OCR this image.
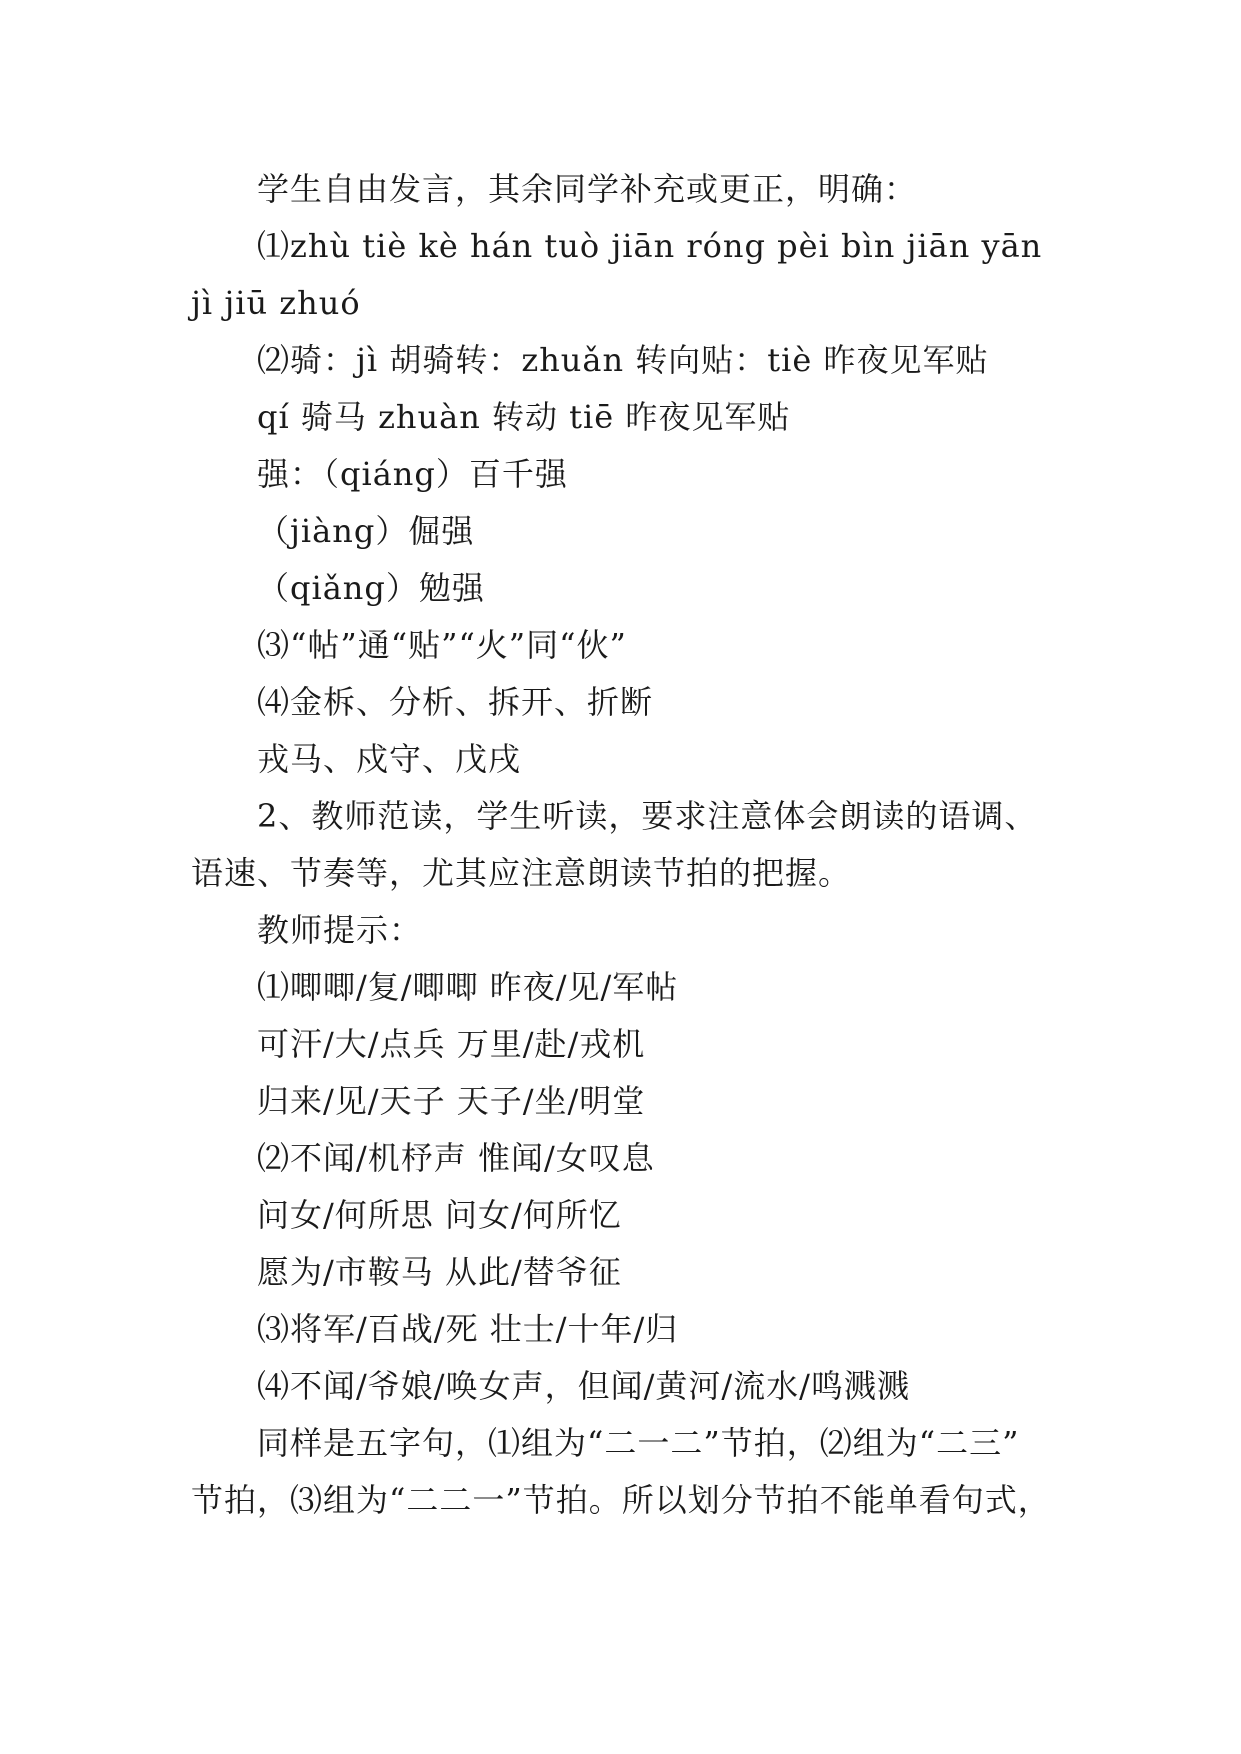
学生自由发言，其余同学补充或更正，明确：
⑴zhù tiè kè hán tuò jiān róng pèi bìn jiān yān
jì jiū zhuó
⑵骑：jì 胡骑转：zhuǎn 转向贴：tiè 昨夜见军贴
qí 骑马 zhuàn 转动 tiē 昨夜见军贴
强：（qiáng）百千强
（jiàng）倔强
（qiǎng）勉强
⑶“帖”通“贴”“火”同“伙”
⑷金柝、分析、拆开、折断
戎马、戍守、戊戌
2、教师范读，学生听读，要求注意体会朗读的语调、
语速、节奏等，尤其应注意朗读节拍的把握。
教师提示：
⑴唧唧/复/唧唧 昨夜/见/军帖
可汗/大/点兵 万里/赴/戎机
归来/见/天子 天子/坐/明堂
⑵不闻/机杼声 惟闻/女叹息
问女/何所思 问女/何所忆
愿为/市鞍马 从此/替爷征
⑶将军/百战/死 壮士/十年/归
⑷不闻/爷娘/唤女声，但闻/黄河/流水/鸣溅溅
同样是五字句，⑴组为“二一二”节拍，⑵组为“二三”
节拍，⑶组为“二二一”节拍。所以划分节拍不能单看句式，
